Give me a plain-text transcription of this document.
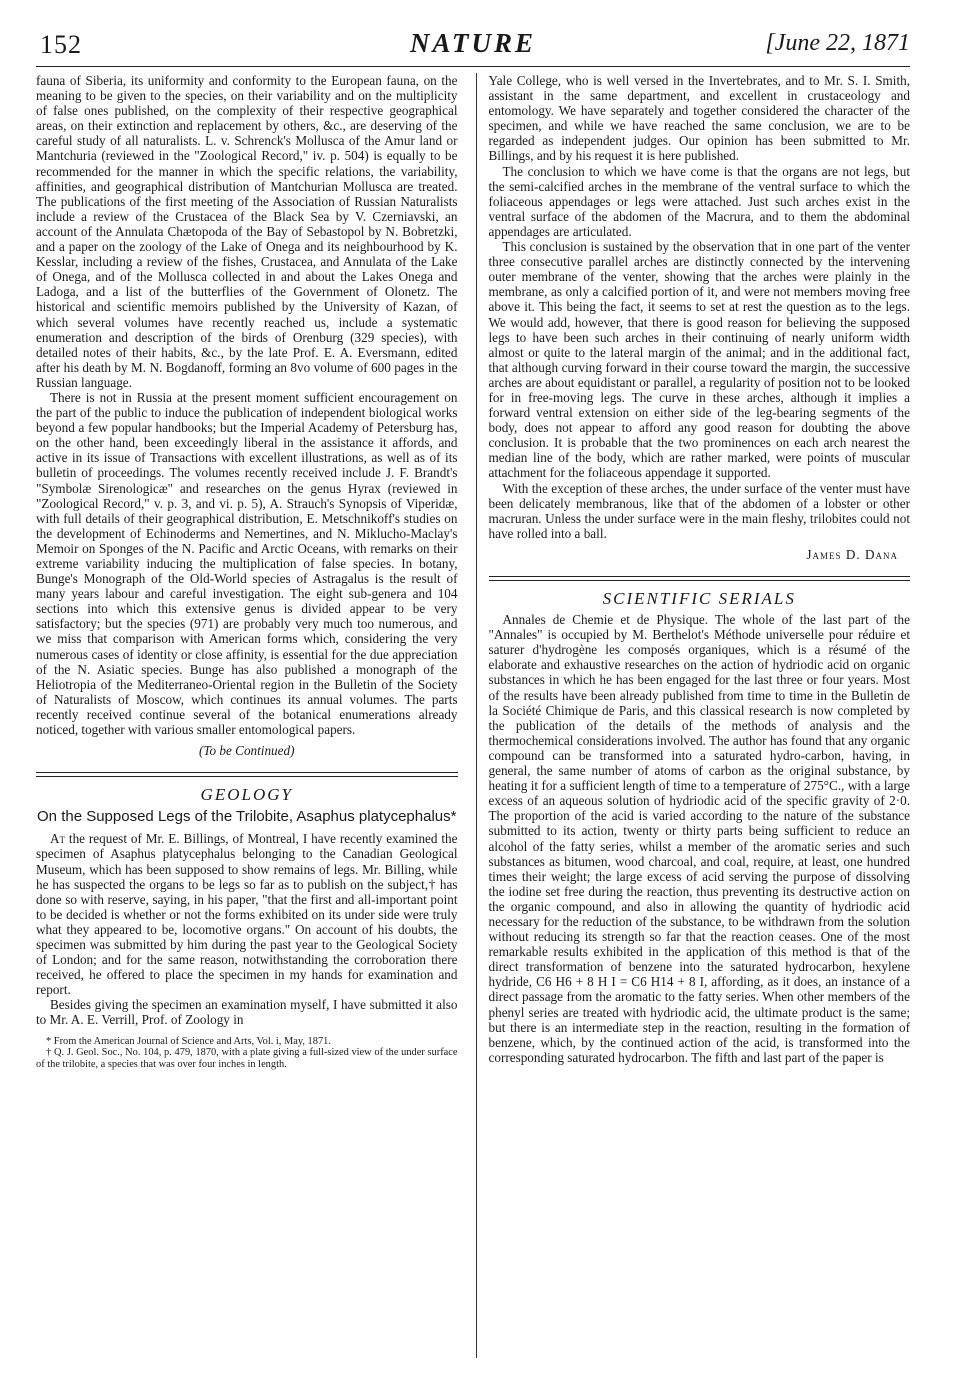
152	NATURE	[June 22, 1871

fauna of Siberia, its uniformity and conformity to the European fauna, on the meaning to be given to the species, on their variability and on the multiplicity of false ones published, on the complexity of their respective geographical areas, on their extinction and replacement by others, &c., are deserving of the careful study of all naturalists. L. v. Schrenck's Mollusca of the Amur land or Mantchuria (reviewed in the "Zoological Record," iv. p. 504) is equally to be recommended for the manner in which the specific relations, the variability, affinities, and geographical distribution of Mantchurian Mollusca are treated. The publications of the first meeting of the Association of Russian Naturalists include a review of the Crustacea of the Black Sea by V. Czerniavski, an account of the Annulata Chætopoda of the Bay of Sebastopol by N. Bobretzki, and a paper on the zoology of the Lake of Onega and its neighbourhood by K. Kesslar, including a review of the fishes, Crustacea, and Annulata of the Lake of Onega, and of the Mollusca collected in and about the Lakes Onega and Ladoga, and a list of the butterflies of the Government of Olonetz. The historical and scientific memoirs published by the University of Kazan, of which several volumes have recently reached us, include a systematic enumeration and description of the birds of Orenburg (329 species), with detailed notes of their habits, &c., by the late Prof. E. A. Eversmann, edited after his death by M. N. Bogdanoff, forming an 8vo volume of 600 pages in the Russian language.

There is not in Russia at the present moment sufficient encouragement on the part of the public to induce the publication of independent biological works beyond a few popular handbooks; but the Imperial Academy of Petersburg has, on the other hand, been exceedingly liberal in the assistance it affords, and active in its issue of Transactions with excellent illustrations, as well as of its bulletin of proceedings. The volumes recently received include J. F. Brandt's "Symbolæ Sirenologicæ" and researches on the genus Hyrax (reviewed in "Zoological Record," v. p. 3, and vi. p. 5), A. Strauch's Synopsis of Viperidæ, with full details of their geographical distribution, E. Metschnikoff's studies on the development of Echinoderms and Nemertines, and N. Miklucho-Maclay's Memoir on Sponges of the N. Pacific and Arctic Oceans, with remarks on their extreme variability inducing the multiplication of false species. In botany, Bunge's Monograph of the Old-World species of Astragalus is the result of many years labour and careful investigation. The eight sub-genera and 104 sections into which this extensive genus is divided appear to be very satisfactory; but the species (971) are probably very much too numerous, and we miss that comparison with American forms which, considering the very numerous cases of identity or close affinity, is essential for the due appreciation of the N. Asiatic species. Bunge has also published a monograph of the Heliotropia of the Mediterraneo-Oriental region in the Bulletin of the Society of Naturalists of Moscow, which continues its annual volumes. The parts recently received continue several of the botanical enumerations already noticed, together with various smaller entomological papers.

(To be Continued)
GEOLOGY
On the Supposed Legs of the Trilobite, Asaphus platycephalus*

At the request of Mr. E. Billings, of Montreal, I have recently examined the specimen of Asaphus platycephalus belonging to the Canadian Geological Museum, which has been supposed to show remains of legs. Mr. Billing, while he has suspected the organs to be legs so far as to publish on the subject,† has done so with reserve, saying, in his paper, "that the first and all-important point to be decided is whether or not the forms exhibited on its under side were truly what they appeared to be, locomotive organs." On account of his doubts, the specimen was submitted by him during the past year to the Geological Society of London; and for the same reason, notwithstanding the corroboration there received, he offered to place the specimen in my hands for examination and report.

Besides giving the specimen an examination myself, I have submitted it also to Mr. A. E. Verrill, Prof. of Zoology in

* From the American Journal of Science and Arts, Vol. i, May, 1871.

† Q. J. Geol. Soc., No. 104, p. 479, 1870, with a plate giving a full-sized view of the under surface of the trilobite, a species that was over four inches in length.

Yale College, who is well versed in the Invertebrates, and to Mr. S. I. Smith, assistant in the same department, and excellent in crustaceology and entomology. We have separately and together considered the character of the specimen, and while we have reached the same conclusion, we are to be regarded as independent judges. Our opinion has been submitted to Mr. Billings, and by his request it is here published.

The conclusion to which we have come is that the organs are not legs, but the semi-calcified arches in the membrane of the ventral surface to which the foliaceous appendages or legs were attached. Just such arches exist in the ventral surface of the abdomen of the Macrura, and to them the abdominal appendages are articulated.

This conclusion is sustained by the observation that in one part of the venter three consecutive parallel arches are distinctly connected by the intervening outer membrane of the venter, showing that the arches were plainly in the membrane, as only a calcified portion of it, and were not members moving free above it. This being the fact, it seems to set at rest the question as to the legs. We would add, however, that there is good reason for believing the supposed legs to have been such arches in their continuing of nearly uniform width almost or quite to the lateral margin of the animal; and in the additional fact, that although curving forward in their course toward the margin, the successive arches are about equidistant or parallel, a regularity of position not to be looked for in free-moving legs. The curve in these arches, although it implies a forward ventral extension on either side of the leg-bearing segments of the body, does not appear to afford any good reason for doubting the above conclusion. It is probable that the two prominences on each arch nearest the median line of the body, which are rather marked, were points of muscular attachment for the foliaceous appendage it supported.

With the exception of these arches, the under surface of the venter must have been delicately membranous, like that of the abdomen of a lobster or other macruran. Unless the under surface were in the main fleshy, trilobites could not have rolled into a ball.

James D. Dana
SCIENTIFIC SERIALS

Annales de Chemie et de Physique. The whole of the last part of the "Annales" is occupied by M. Berthelot's Méthode universelle pour réduire et saturer d'hydrogène les composés organiques, which is a résumé of the elaborate and exhaustive researches on the action of hydriodic acid on organic substances in which he has been engaged for the last three or four years. Most of the results have been already published from time to time in the Bulletin de la Société Chimique de Paris, and this classical research is now completed by the publication of the details of the methods of analysis and the thermochemical considerations involved. The author has found that any organic compound can be transformed into a saturated hydro-carbon, having, in general, the same number of atoms of carbon as the original substance, by heating it for a sufficient length of time to a temperature of 275°C., with a large excess of an aqueous solution of hydriodic acid of the specific gravity of 2·0. The proportion of the acid is varied according to the nature of the substance submitted to its action, twenty or thirty parts being sufficient to reduce an alcohol of the fatty series, whilst a member of the aromatic series and such substances as bitumen, wood charcoal, and coal, require, at least, one hundred times their weight; the large excess of acid serving the purpose of dissolving the iodine set free during the reaction, thus preventing its destructive action on the organic compound, and also in allowing the quantity of hydriodic acid necessary for the reduction of the substance, to be withdrawn from the solution without reducing its strength so far that the reaction ceases. One of the most remarkable results exhibited in the application of this method is that of the direct transformation of benzene into the saturated hydrocarbon, hexylene hydride, C6 H6 + 8 H I = C6 H14 + 8 I, affording, as it does, an instance of a direct passage from the aromatic to the fatty series. When other members of the phenyl series are treated with hydriodic acid, the ultimate product is the same; but there is an intermediate step in the reaction, resulting in the formation of benzene, which, by the continued action of the acid, is transformed into the corresponding saturated hydrocarbon. The fifth and last part of the paper is
